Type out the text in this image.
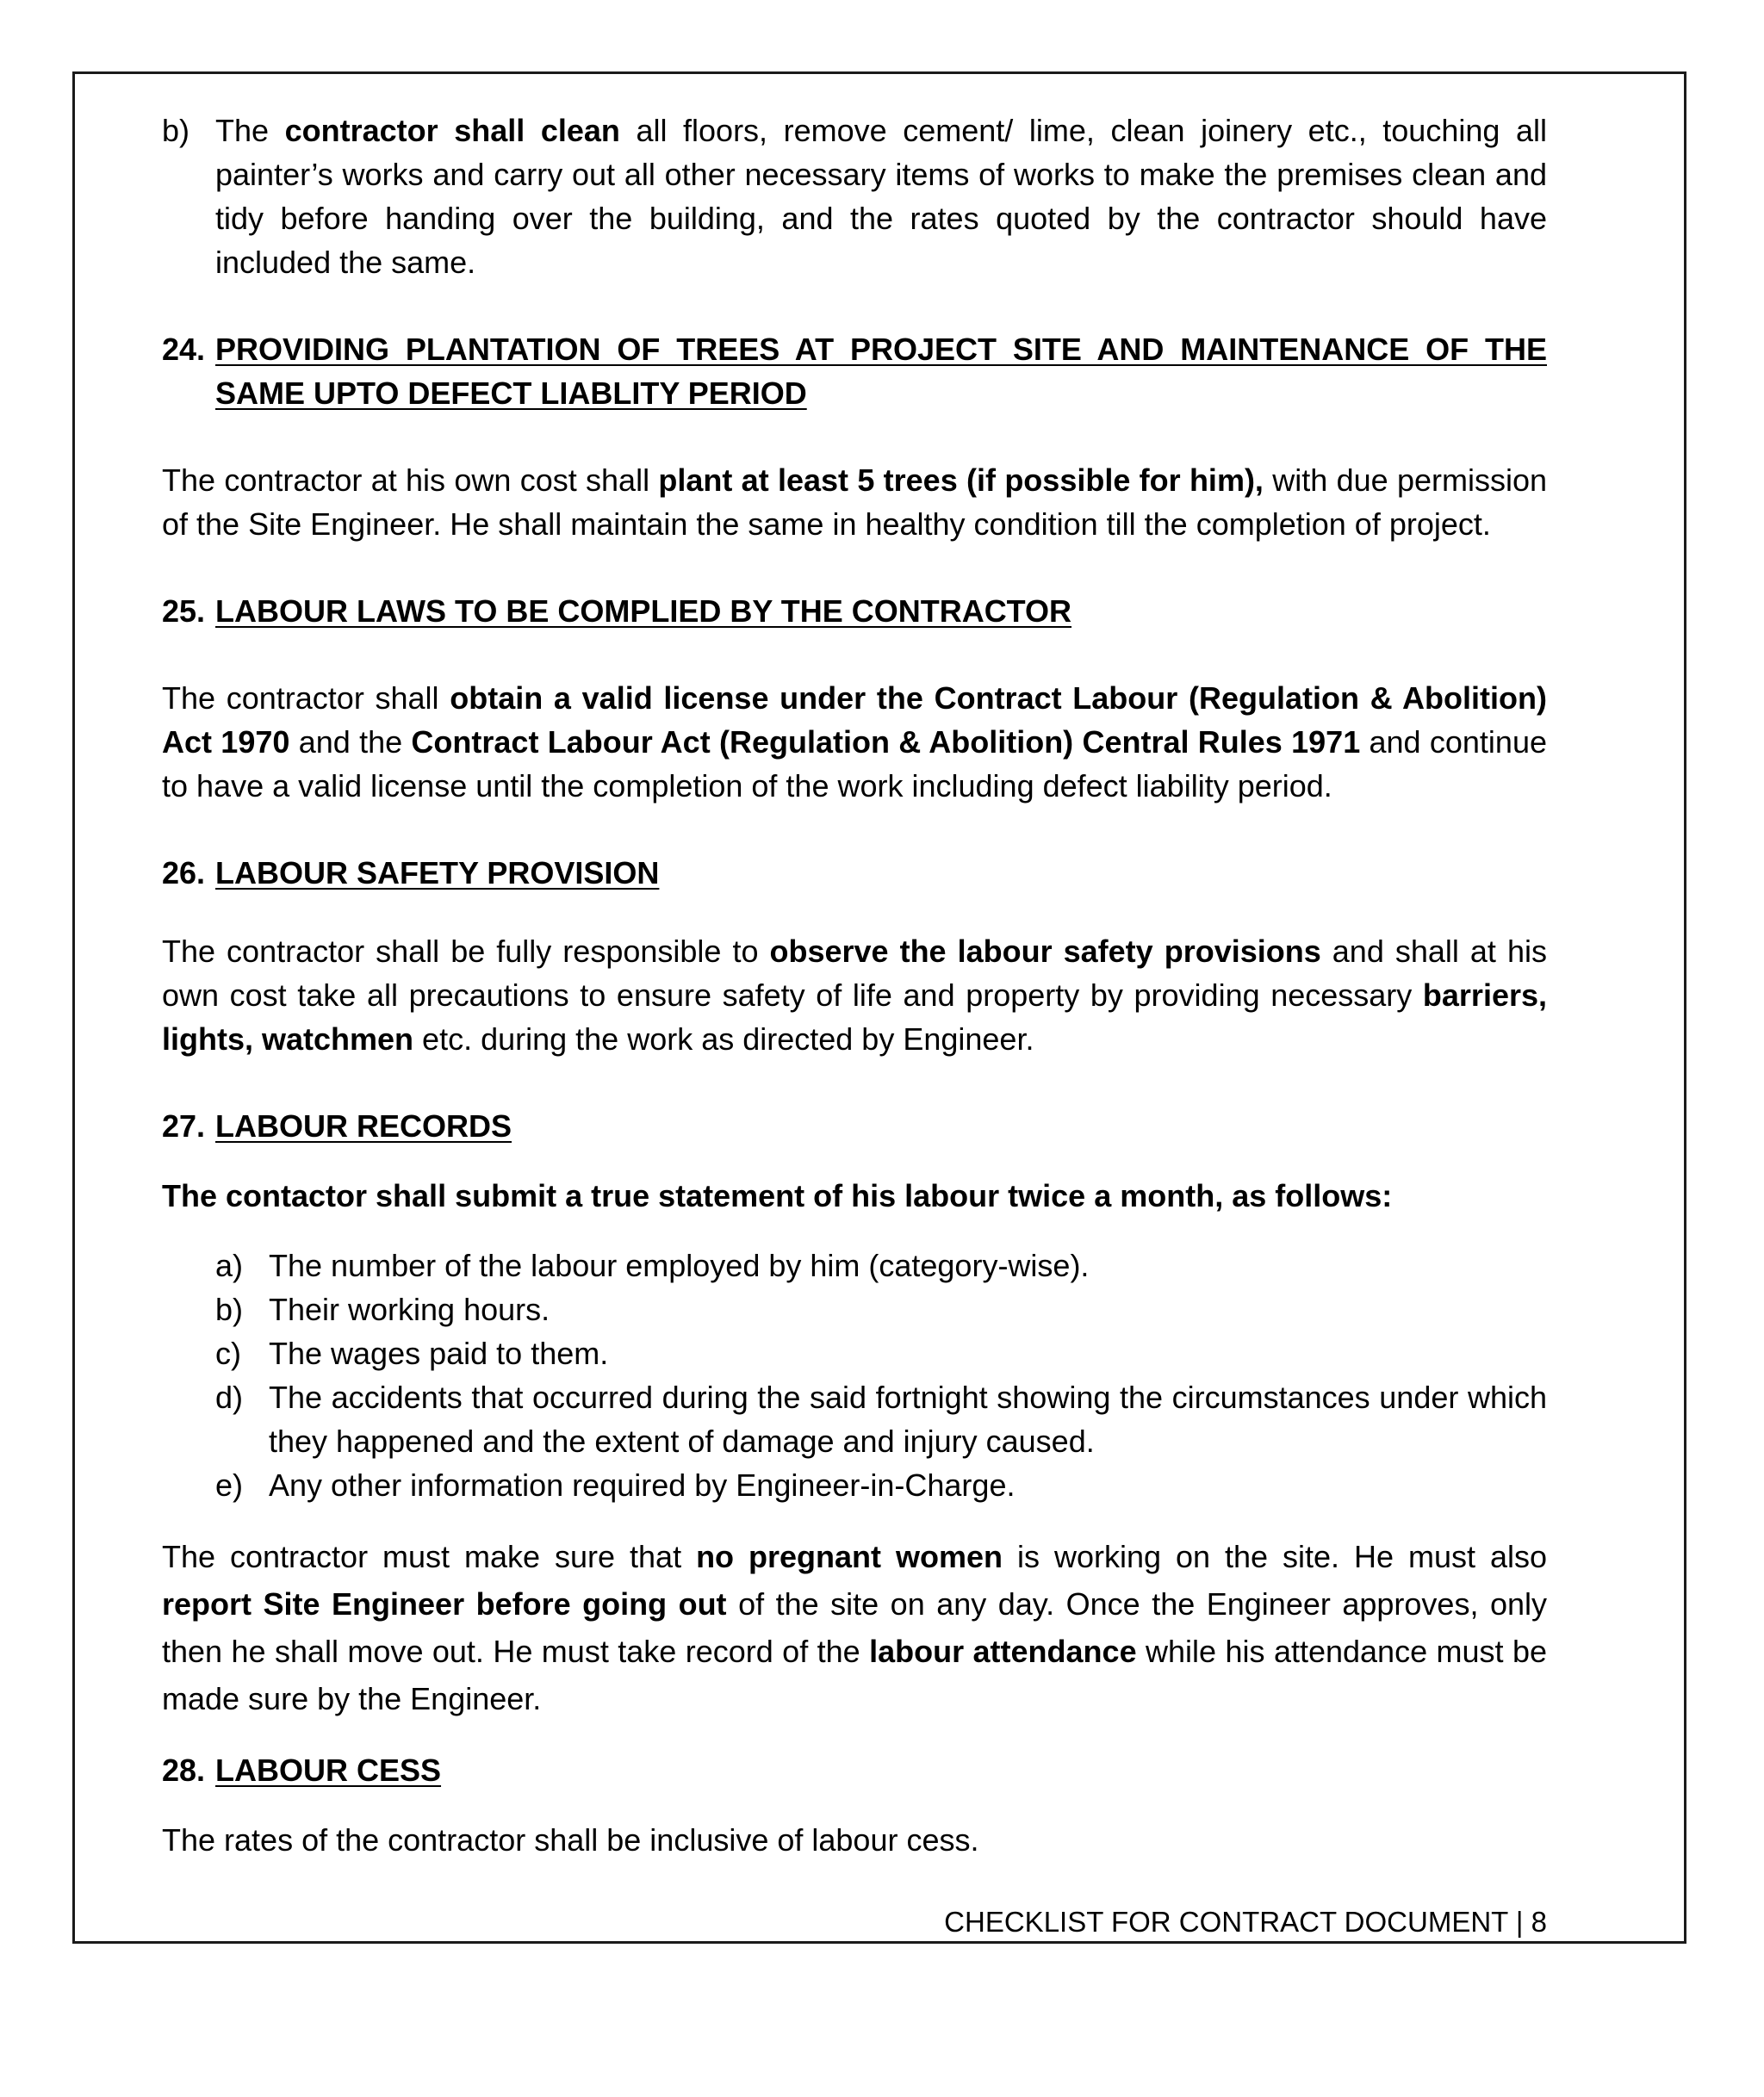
b) The contractor shall clean all floors, remove cement/ lime, clean joinery etc., touching all painter’s works and carry out all other necessary items of works to make the premises clean and tidy before handing over the building, and the rates quoted by the contractor should have included the same.

24. PROVIDING PLANTATION OF TREES AT PROJECT SITE AND MAINTENANCE OF THE SAME UPTO DEFECT LIABLITY PERIOD

The contractor at his own cost shall plant at least 5 trees (if possible for him), with due permission of the Site Engineer. He shall maintain the same in healthy condition till the completion of project.

25. LABOUR LAWS TO BE COMPLIED BY THE CONTRACTOR

The contractor shall obtain a valid license under the Contract Labour (Regulation & Abolition) Act 1970 and the Contract Labour Act (Regulation & Abolition) Central Rules 1971 and continue to have a valid license until the completion of the work including defect liability period.

26. LABOUR SAFETY PROVISION

The contractor shall be fully responsible to observe the labour safety provisions and shall at his own cost take all precautions to ensure safety of life and property by providing necessary barriers, lights, watchmen etc. during the work as directed by Engineer.

27. LABOUR RECORDS

The contactor shall submit a true statement of his labour twice a month, as follows:

a) The number of the labour employed by him (category-wise).
b) Their working hours.
c) The wages paid to them.
d) The accidents that occurred during the said fortnight showing the circumstances under which they happened and the extent of damage and injury caused.
e) Any other information required by Engineer-in-Charge.

The contractor must make sure that no pregnant women is working on the site. He must also report Site Engineer before going out of the site on any day. Once the Engineer approves, only then he shall move out. He must take record of the labour attendance while his attendance must be made sure by the Engineer.

28. LABOUR CESS

The rates of the contractor shall be inclusive of labour cess.

CHECKLIST FOR CONTRACT DOCUMENT | 8
